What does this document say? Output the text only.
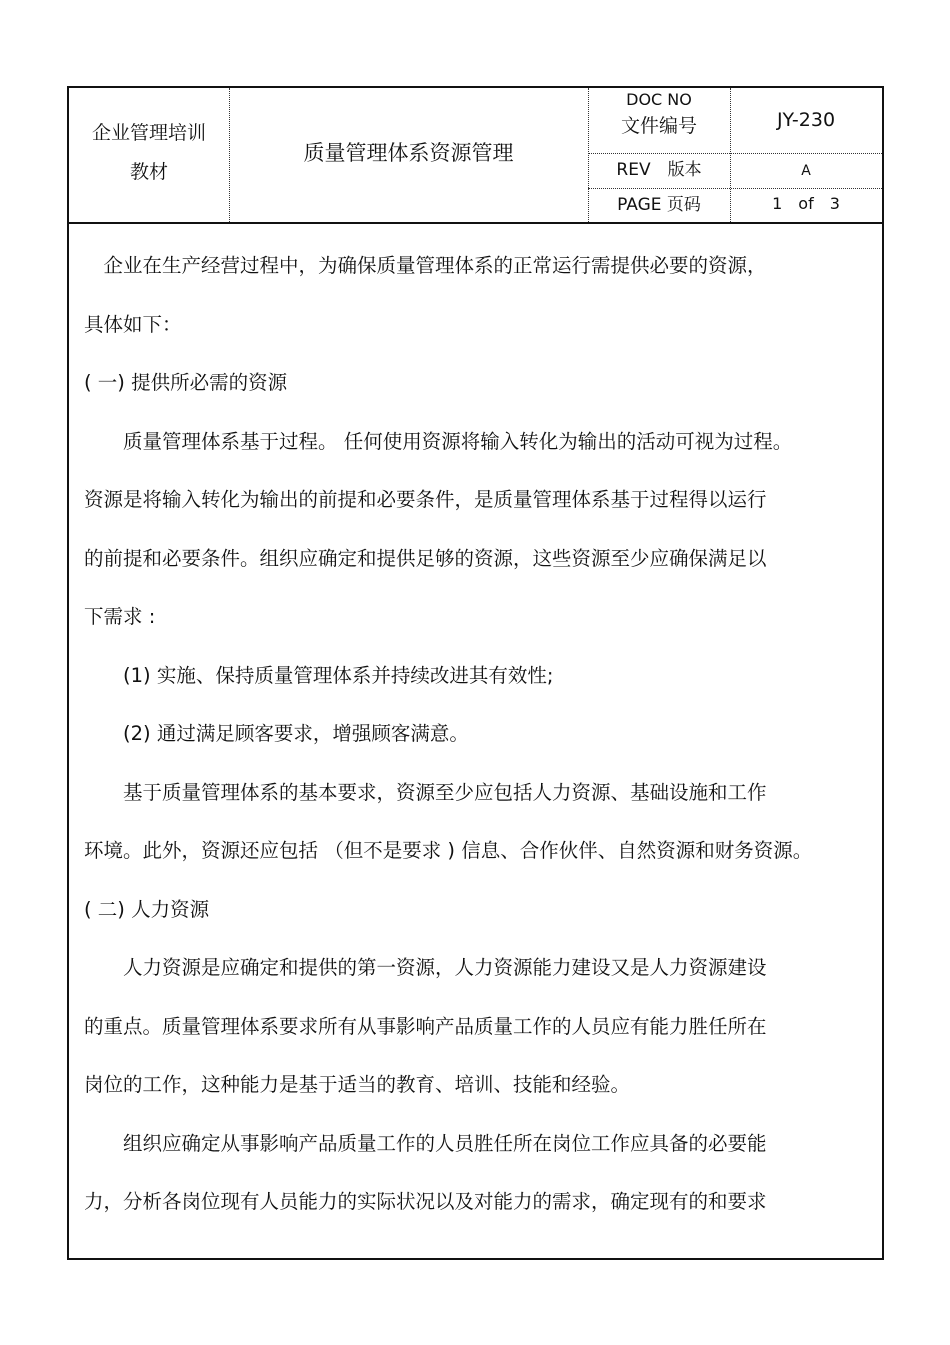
企业管理培训
教材
质量管理体系资源管理
DOC NO
文件编号	JY-230
REV　版本	A
PAGE 页码	1　of　3
　企业在生产经营过程中，为确保质量管理体系的正常运行需提供必要的资源，
具体如下：
( 一) 提供所必需的资源
　　质量管理体系基于过程。 任何使用资源将输入转化为输出的活动可视为过程。
资源是将输入转化为输出的前提和必要条件，是质量管理体系基于过程得以运行
的前提和必要条件。组织应确定和提供足够的资源，这些资源至少应确保满足以
下需求 :
　　(1) 实施、保持质量管理体系并持续改进其有效性;
　　(2) 通过满足顾客要求，增强顾客满意。
　　基于质量管理体系的基本要求，资源至少应包括人力资源、基础设施和工作
环境。此外，资源还应包括 （但不是要求 ) 信息、合作伙伴、自然资源和财务资源。
( 二) 人力资源
　　人力资源是应确定和提供的第一资源，人力资源能力建设又是人力资源建设
的重点。质量管理体系要求所有从事影响产品质量工作的人员应有能力胜任所在
岗位的工作，这种能力是基于适当的教育、培训、技能和经验。
　　组织应确定从事影响产品质量工作的人员胜任所在岗位工作应具备的必要能
力，分析各岗位现有人员能力的实际状况以及对能力的需求，确定现有的和要求
